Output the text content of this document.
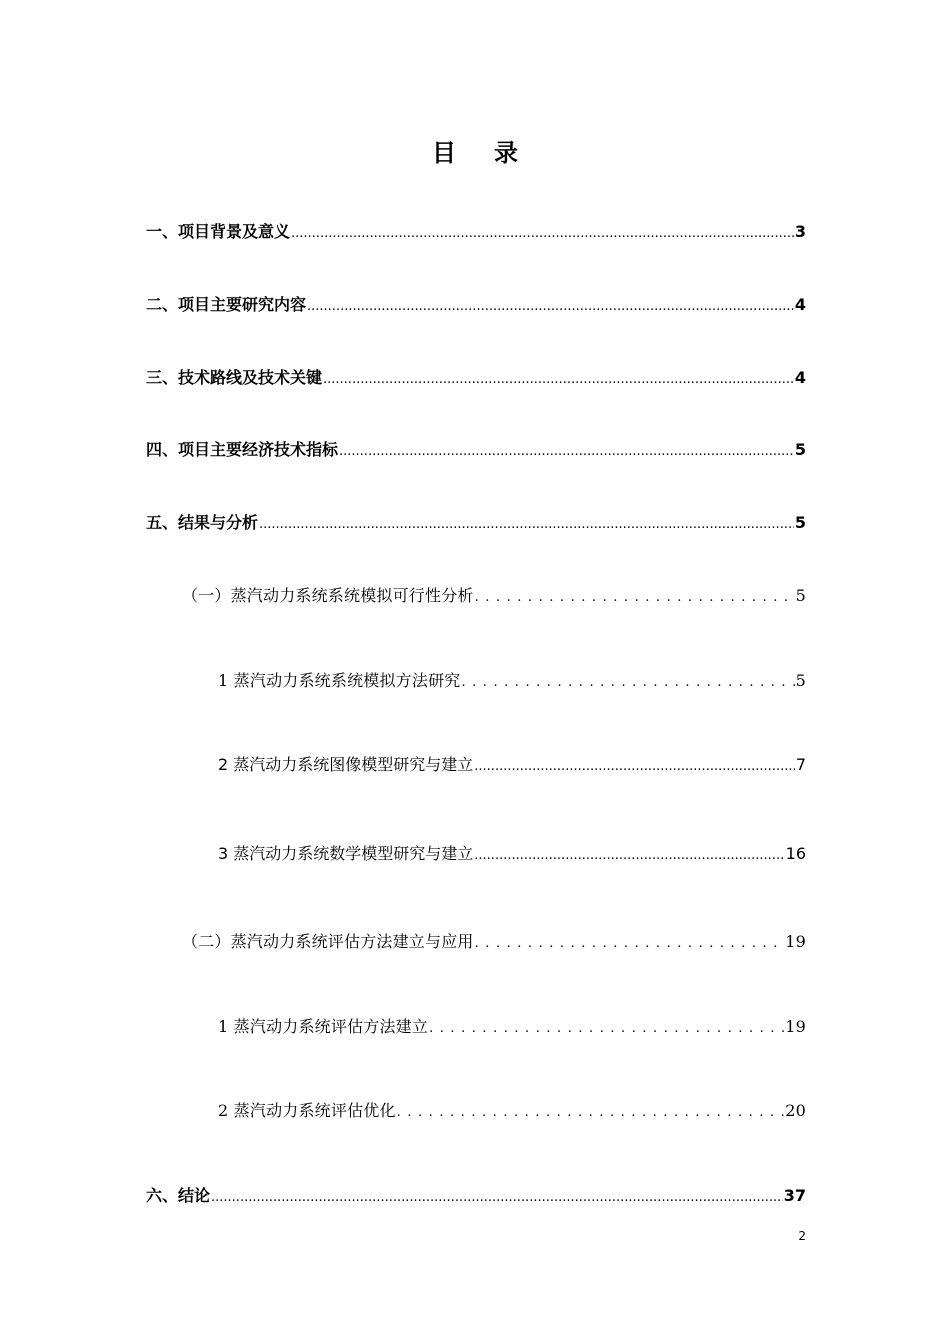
目 录
一、项目背景及意义 .....	3
二、项目主要研究内容 .....	4
三、技术路线及技术关键 .....	4
四、项目主要经济技术指标 .....	5
五、结果与分析 .....	5
（一）蒸汽动力系统系统模拟可行性分析 . . .	5
1 蒸汽动力系统系统模拟方法研究 . . .	5
2 蒸汽动力系统图像模型研究与建立 .....	7
3 蒸汽动力系统数学模型研究与建立 .....	16
（二）蒸汽动力系统评估方法建立与应用 . . .	19
1 蒸汽动力系统评估方法建立 . . .	19
2 蒸汽动力系统评估优化 . . .	20
六、结论 .....	37
2
